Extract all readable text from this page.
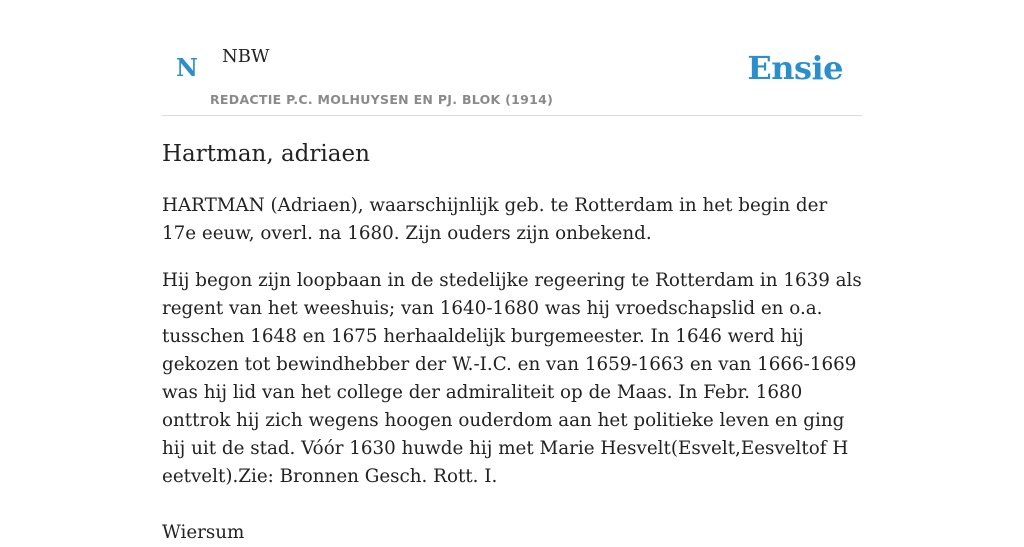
N NBW	Ensie
REDACTIE P.C. MOLHUYSEN EN PJ. BLOK (1914)
Hartman, adriaen

HARTMAN (Adriaen), waarschijnlijk geb. te Rotterdam in het begin der 17e eeuw, overl. na 1680. Zijn ouders zijn onbekend.

Hij begon zijn loopbaan in de stedelijke regeering te Rotterdam in 1639 als regent van het weeshuis; van 1640-1680 was hij vroedschapslid en o.a. tusschen 1648 en 1675 herhaaldelijk burgemeester. In 1646 werd hij gekozen tot bewindhebber der W.-I.C. en van 1659-1663 en van 1666-1669 was hij lid van het college der admiraliteit op de Maas. In Febr. 1680 onttrok hij zich wegens hoogen ouderdom aan het politieke leven en ging hij uit de stad. Vóór 1630 huwde hij met Marie Hesvelt(Esvelt,Eesveltof H eetvelt).Zie: Bronnen Gesch. Rott. I.

Wiersum
